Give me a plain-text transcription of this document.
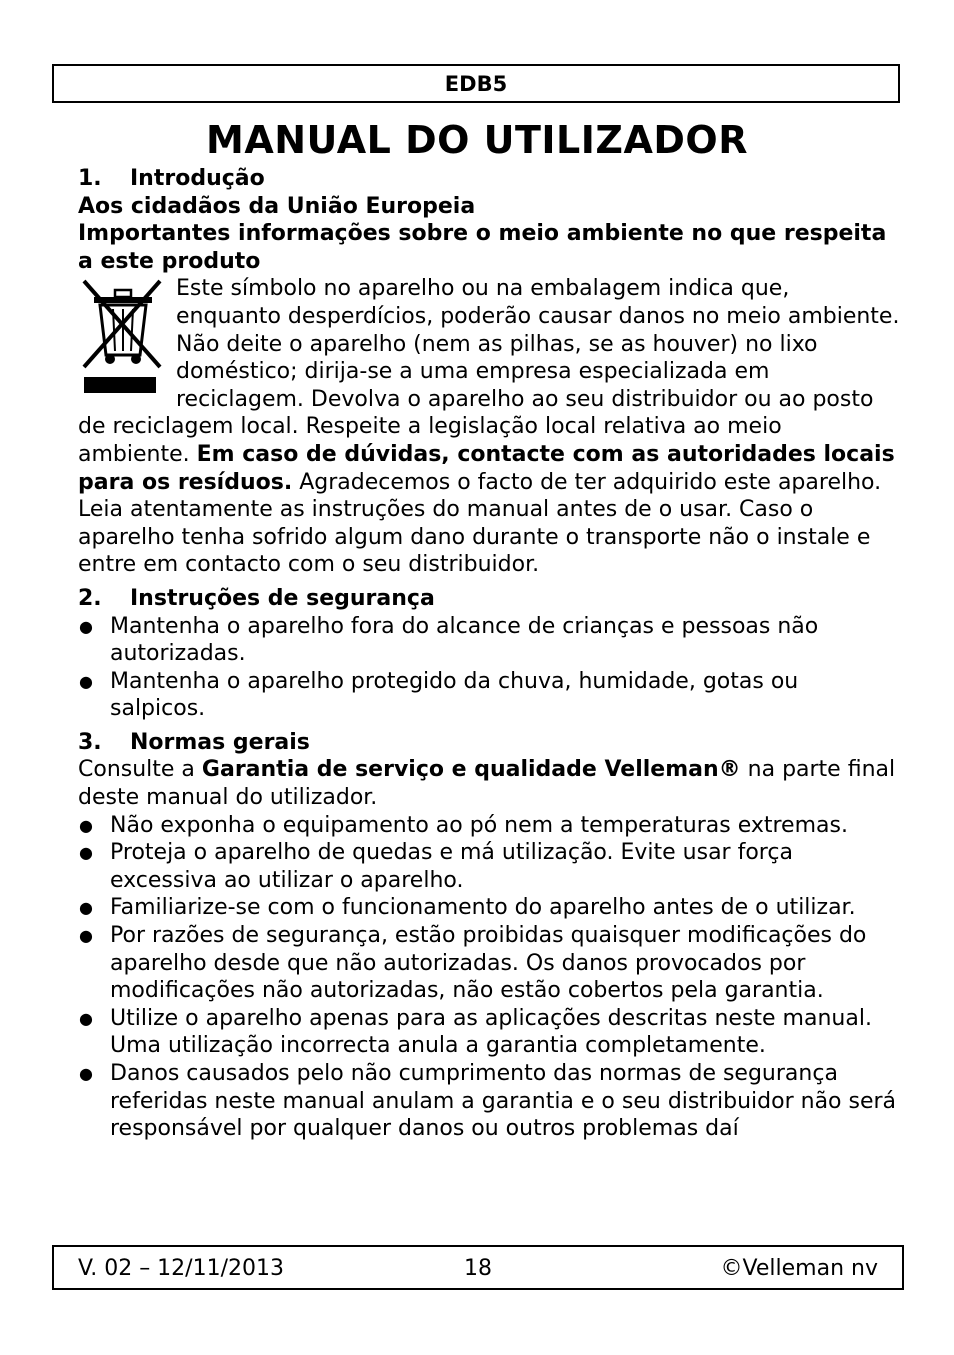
EDB5
MANUAL DO UTILIZADOR
1. Introdução

Aos cidadãos da União Europeia

Importantes informações sobre o meio ambiente no que respeita a este produto

Este símbolo no aparelho ou na embalagem indica que, enquanto desperdícios, poderão causar danos no meio ambiente. Não deite o aparelho (nem as pilhas, se as houver) no lixo doméstico; dirija-se a uma empresa especializada em reciclagem. Devolva o aparelho ao seu distribuidor ou ao posto de reciclagem local. Respeite a legislação local relativa ao meio ambiente. Em caso de dúvidas, contacte com as autoridades locais para os resíduos. Agradecemos o facto de ter adquirido este aparelho. Leia atentamente as instruções do manual antes de o usar. Caso o aparelho tenha sofrido algum dano durante o transporte não o instale e entre em contacto com o seu distribuidor.

2. Instruções de segurança
● Mantenha o aparelho fora do alcance de crianças e pessoas não autorizadas.
● Mantenha o aparelho protegido da chuva, humidade, gotas ou salpicos.
3. Normas gerais

Consulte a Garantia de serviço e qualidade Velleman® na parte final deste manual do utilizador.

● Não exponha o equipamento ao pó nem a temperaturas extremas.
● Proteja o aparelho de quedas e má utilização. Evite usar força excessiva ao utilizar o aparelho.
● Familiarize-se com o funcionamento do aparelho antes de o utilizar.
● Por razões de segurança, estão proibidas quaisquer modificações do aparelho desde que não autorizadas. Os danos provocados por modificações não autorizadas, não estão cobertos pela garantia.
● Utilize o aparelho apenas para as aplicações descritas neste manual. Uma utilização incorrecta anula a garantia completamente.
● Danos causados pelo não cumprimento das normas de segurança referidas neste manual anulam a garantia e o seu distribuidor não será responsável por qualquer danos ou outros problemas daí
V. 02 – 12/11/2013	18	©Velleman nv
